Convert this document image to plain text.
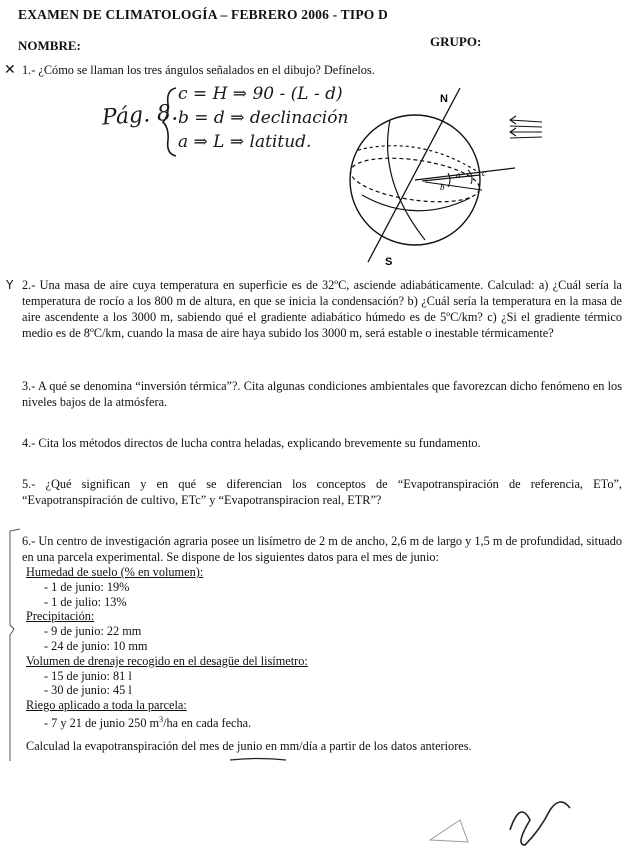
EXAMEN DE CLIMATOLOGÍA – FEBRERO 2006 - TIPO D
NOMBRE:	GRUPO:
✕ 1.- ¿Cómo se llaman los tres ángulos señalados en el dibujo? Defínelos.
Pág. 8.
c = H ⇒ 90 - (L - d)
b = d ⇒ declinación
a ⇒ L ⇒ latitud.
N
S
a
b
c
Y 2.- Una masa de aire cuya temperatura en superficie es de 32ºC, asciende adiabáticamente. Calculad: a) ¿Cuál sería la temperatura de rocío a los 800 m de altura, en que se inicia la condensación? b) ¿Cuál sería la temperatura en la masa de aire ascendente a los 3000 m, sabiendo qué el gradiente adiabático húmedo es de 5ºC/km? c) ¿Si el gradiente térmico medio es de 8ºC/km, cuando la masa de aire haya subido los 3000 m, será estable o inestable térmicamente?
3.- A qué se denomina “inversión térmica”?. Cita algunas condiciones ambientales que favorezcan dicho fenómeno en los niveles bajos de la atmósfera.
4.- Cita los métodos directos de lucha contra heladas, explicando brevemente su fundamento.
5.- ¿Qué significan y en qué se diferencian los conceptos de “Evapotranspiración de referencia, ETo”, “Evapotranspiración de cultivo, ETc” y “Evapotranspiracion real, ETR”?
6.- Un centro de investigación agraria posee un lisímetro de 2 m de ancho, 2,6 m de largo y 1,5 m de profundidad, situado en una parcela experimental. Se dispone de los siguientes datos para el mes de junio:
Humedad de suelo (% en volumen):
- 1 de junio: 19%
- 1 de julio: 13%
Precipitación:
- 9 de junio: 22 mm
- 24 de junio: 10 mm
Volumen de drenaje recogido en el desagüe del lisímetro:
- 15 de junio: 81 l
- 30 de junio: 45 l
Riego aplicado a toda la parcela:
- 7 y 21 de junio 250 $m^3/ha$ en cada fecha.
Calculad la evapotranspiración del mes de junio en mm/día a partir de los datos anteriores.
